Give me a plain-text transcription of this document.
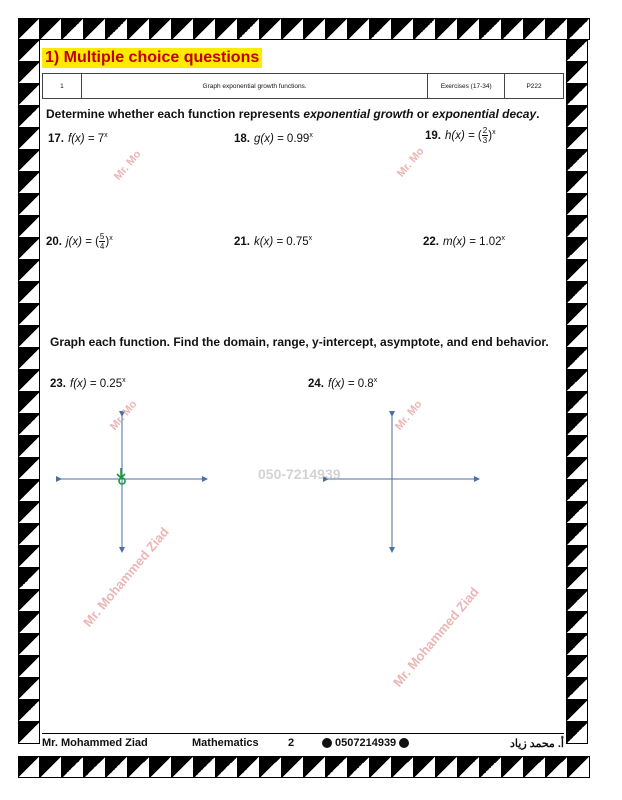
1) Multiple choice questions
1	Graph exponential growth functions.	Exercises (17-34)	P222
Determine whether each function represents exponential growth or exponential decay.
17. $f(x) = 7^x$	18. $g(x) = 0.99^x$	19. h(x) = ( $\frac{2}{3} )^x$
20. j(x) = ( $\frac{5}{4} )^x$	21. $k(x) = 0.75^x$	22. $m(x) = 1.02^x$
Graph each function. Find the domain, range, y-intercept, asymptote, and end behavior.
23. $f(x) = 0.25^x$	24. $f(x) = 0.8^x$
050-7214939
Mr. Mohammed Ziad
Mr. Mohammed Ziad
Mr. Mo	Mr. Mo
Mr. Mo	Mr. Mo
Mr. Mohammed Ziad	Mathematics	2	0507214939	أ. محمد زياد
